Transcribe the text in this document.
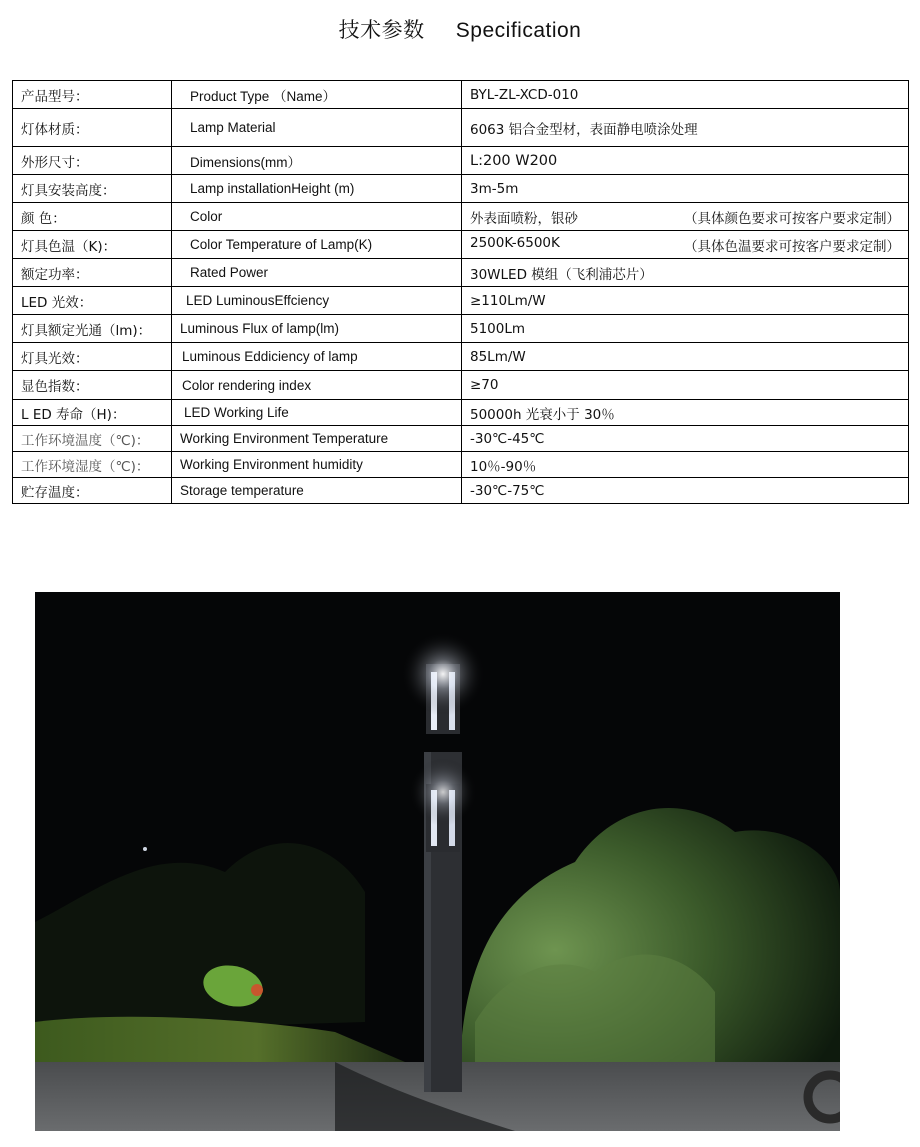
技术参数 Specification
产品型号：	Product Type （Name）	BYL-ZL-XCD-010
灯体材质：	Lamp Material	6063 铝合金型材，表面静电喷涂处理
外形尺寸：	Dimensions(mm）	L:200 W200
灯具安装高度：	Lamp installationHeight (m)	3m-5m
颜 色：	Color	外表面喷粉，银砂 （具体颜色要求可按客户要求定制）

灯具色温（K)：	Color Temperature of Lamp(K)	2500K-6500K （具体色温要求可按客户要求定制）

额定功率：	Rated Power	30WLED 模组（飞利浦芯片）
LED 光效：	LED LuminousEffciency	≥110Lm/W
灯具额定光通（lm)：	Luminous Flux of lamp(lm)	5100Lm
灯具光效：	Luminous Eddiciency of lamp	85Lm/W
显色指数：	Color rendering index	≥70
L ED 寿命（H)：	LED Working Life	50000h 光衰小于 30％
工作环境温度（℃)：	Working Environment Temperature	-30℃-45℃
工作环境湿度（℃)：	Working Environment humidity	10％-90％
贮存温度：	Storage temperature	-30℃-75℃
